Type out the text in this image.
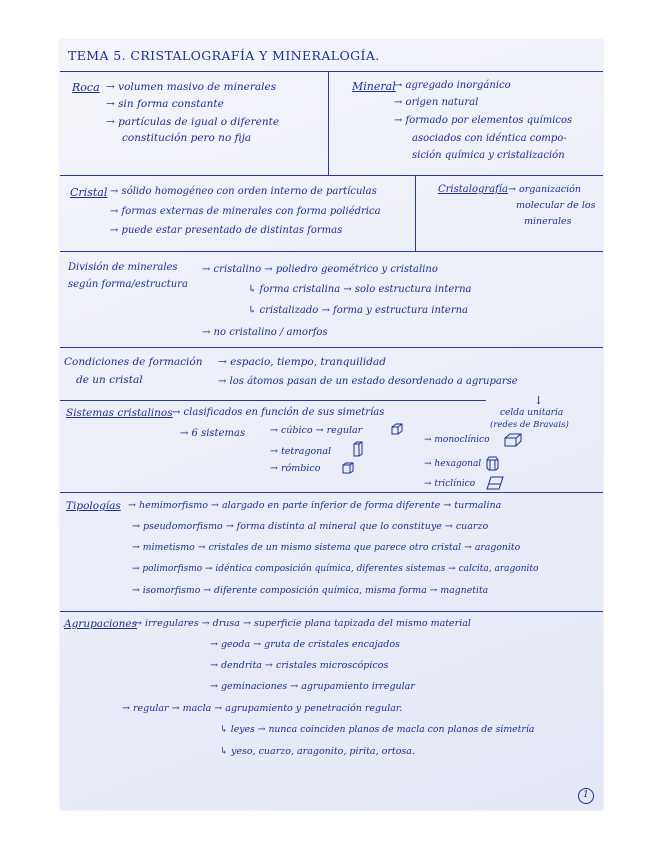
TEMA 5. CRISTALOGRAFÍA Y MINERALOGÍA.
Roca → volumen masivo de minerales
→ sin forma constante
→ partículas de igual o diferente
constitución pero no fija
Mineral
→ agregado inorgánico
→ origen natural
→ formado por elementos químicos
asociados con idéntica compo-
sición química y cristalización
Cristal → sólido homogéneo con orden interno de partículas
→ formas externas de minerales con forma poliédrica
→ puede estar presentado de distintas formas
Cristalografía → organización
molecular de los
minerales
División de minerales
según forma/estructura
→ cristalino → poliedro geométrico y cristalino
↳ forma cristalina → solo estructura interna
↳ cristalizado → forma y estructura interna
→ no cristalino / amorfos
Condiciones de formación
de un cristal
→ espacio, tiempo, tranquilidad
→ los átomos pasan de un estado desordenado a agruparse
↓
celda unitaria
(redes de Bravais)
Sistemas cristalinos → clasificados en función de sus simetrías
→ 6 sistemas	→ cúbico → regular
→ tetragonal
→ rómbico
→ monoclínico
→ hexagonal
→ triclínico
Tipologías → hemimorfismo → alargado en parte inferior de forma diferente → turmalina
→ pseudomorfismo → forma distinta al mineral que lo constituye → cuarzo
→ mimetismo → cristales de un mismo sistema que parece otro cristal → aragonito
→ polimorfismo → idéntica composición química, diferentes sistemas → calcita, aragonito
→ isomorfismo → diferente composición química, misma forma → magnetita
Agrupaciones
→ irregulares → drusa → superficie plana tapizada del mismo material
→ geoda → gruta de cristales encajados
→ dendrita → cristales microscópicos
→ geminaciones → agrupamiento irregular
→ regular → macla → agrupamiento y penetración regular.
↳ leyes → nunca coinciden planos de macla con planos de simetría
↳ yeso, cuarzo, aragonito, pirita, ortosa.
1
